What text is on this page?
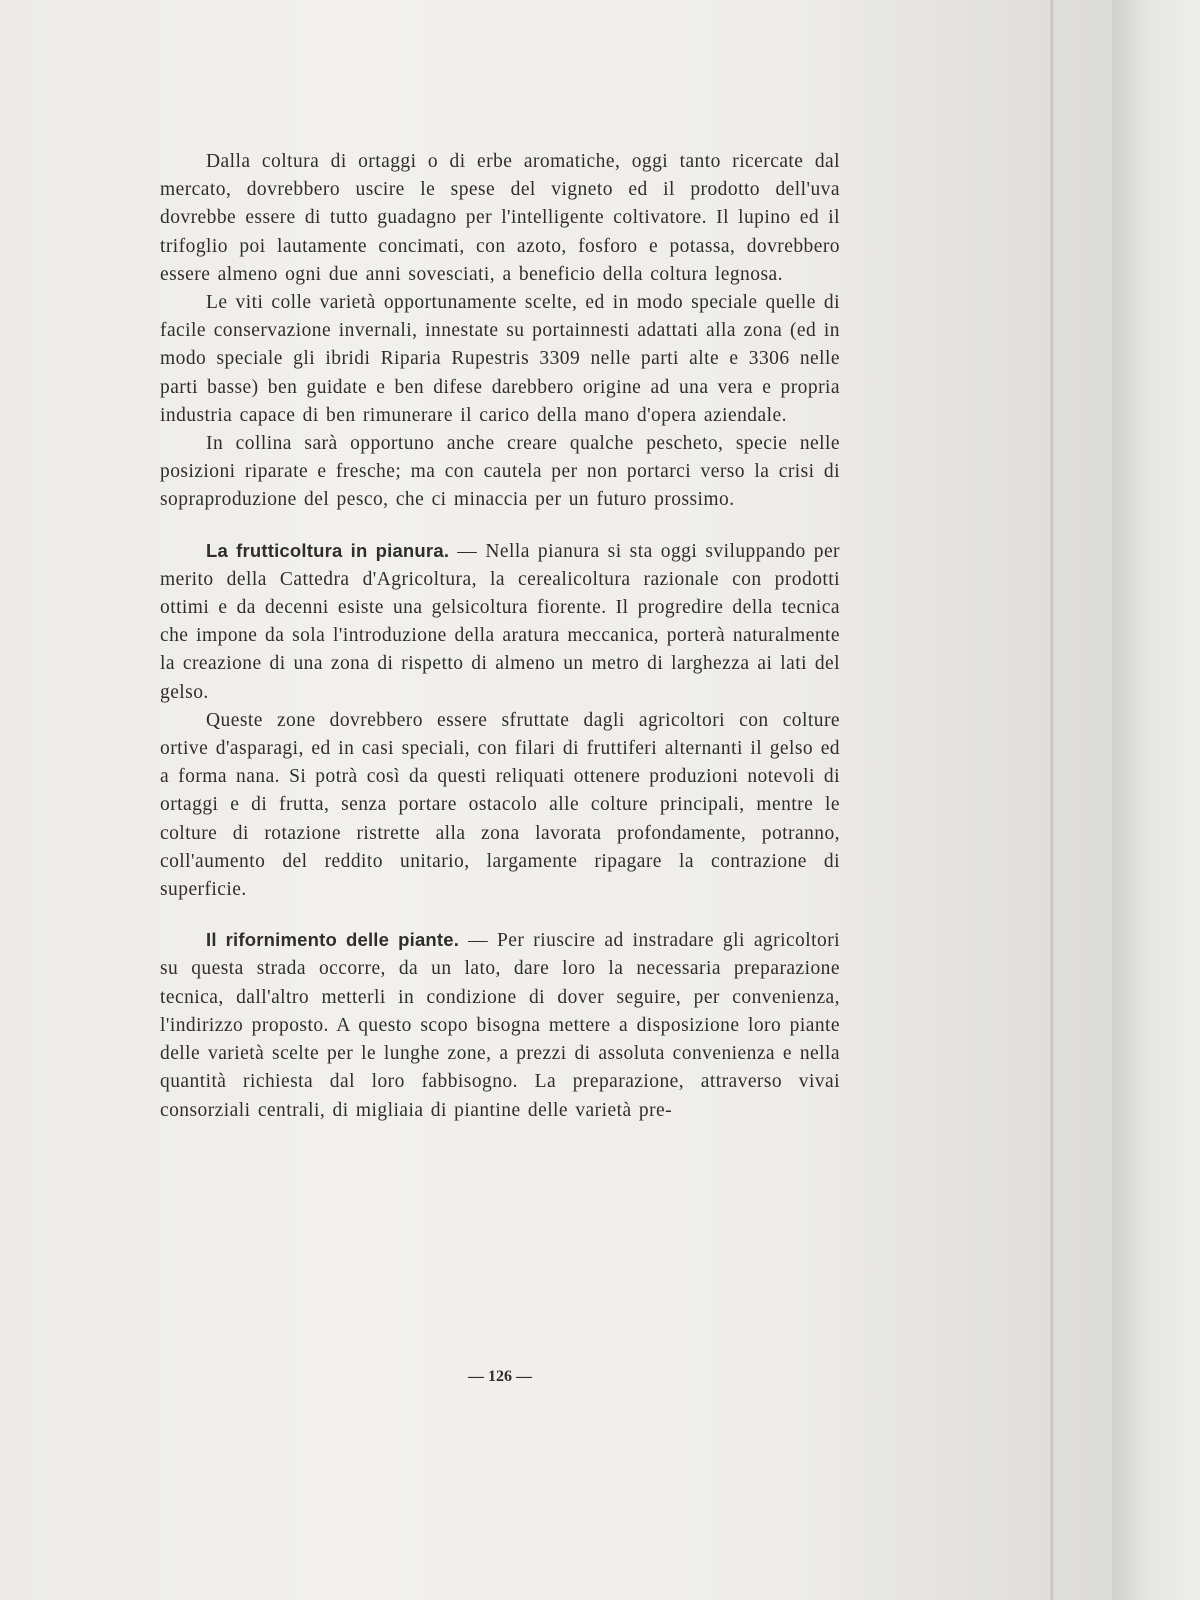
Dalla coltura di ortaggi o di erbe aromatiche, oggi tanto ricercate dal mercato, dovrebbero uscire le spese del vigneto ed il prodotto dell'uva dovrebbe essere di tutto guadagno per l'intelligente coltivatore. Il lupino ed il trifoglio poi lautamente concimati, con azoto, fosforo e potassa, dovrebbero essere almeno ogni due anni sovesciati, a beneficio della coltura legnosa.

Le viti colle varietà opportunamente scelte, ed in modo speciale quelle di facile conservazione invernali, innestate su portainnesti adattati alla zona (ed in modo speciale gli ibridi Riparia Rupestris 3309 nelle parti alte e 3306 nelle parti basse) ben guidate e ben difese darebbero origine ad una vera e propria industria capace di ben rimunerare il carico della mano d'opera aziendale.

In collina sarà opportuno anche creare qualche pescheto, specie nelle posizioni riparate e fresche; ma con cautela per non portarci verso la crisi di sopraproduzione del pesco, che ci minaccia per un futuro prossimo.

La frutticoltura in pianura. — Nella pianura si sta oggi sviluppando per merito della Cattedra d'Agricoltura, la cerealicoltura razionale con prodotti ottimi e da decenni esiste una gelsicoltura fiorente. Il progredire della tecnica che impone da sola l'introduzione della aratura meccanica, porterà naturalmente la creazione di una zona di rispetto di almeno un metro di larghezza ai lati del gelso.

Queste zone dovrebbero essere sfruttate dagli agricoltori con colture ortive d'asparagi, ed in casi speciali, con filari di fruttiferi alternanti il gelso ed a forma nana. Si potrà così da questi reliquati ottenere produzioni notevoli di ortaggi e di frutta, senza portare ostacolo alle colture principali, mentre le colture di rotazione ristrette alla zona lavorata profondamente, potranno, coll'aumento del reddito unitario, largamente ripagare la contrazione di superficie.

Il rifornimento delle piante. — Per riuscire ad instradare gli agricoltori su questa strada occorre, da un lato, dare loro la necessaria preparazione tecnica, dall'altro metterli in condizione di dover seguire, per convenienza, l'indirizzo proposto. A questo scopo bisogna mettere a disposizione loro piante delle varietà scelte per le lunghe zone, a prezzi di assoluta convenienza e nella quantità richiesta dal loro fabbisogno. La preparazione, attraverso vivai consorziali centrali, di migliaia di piantine delle varietà pre-

— 126 —
